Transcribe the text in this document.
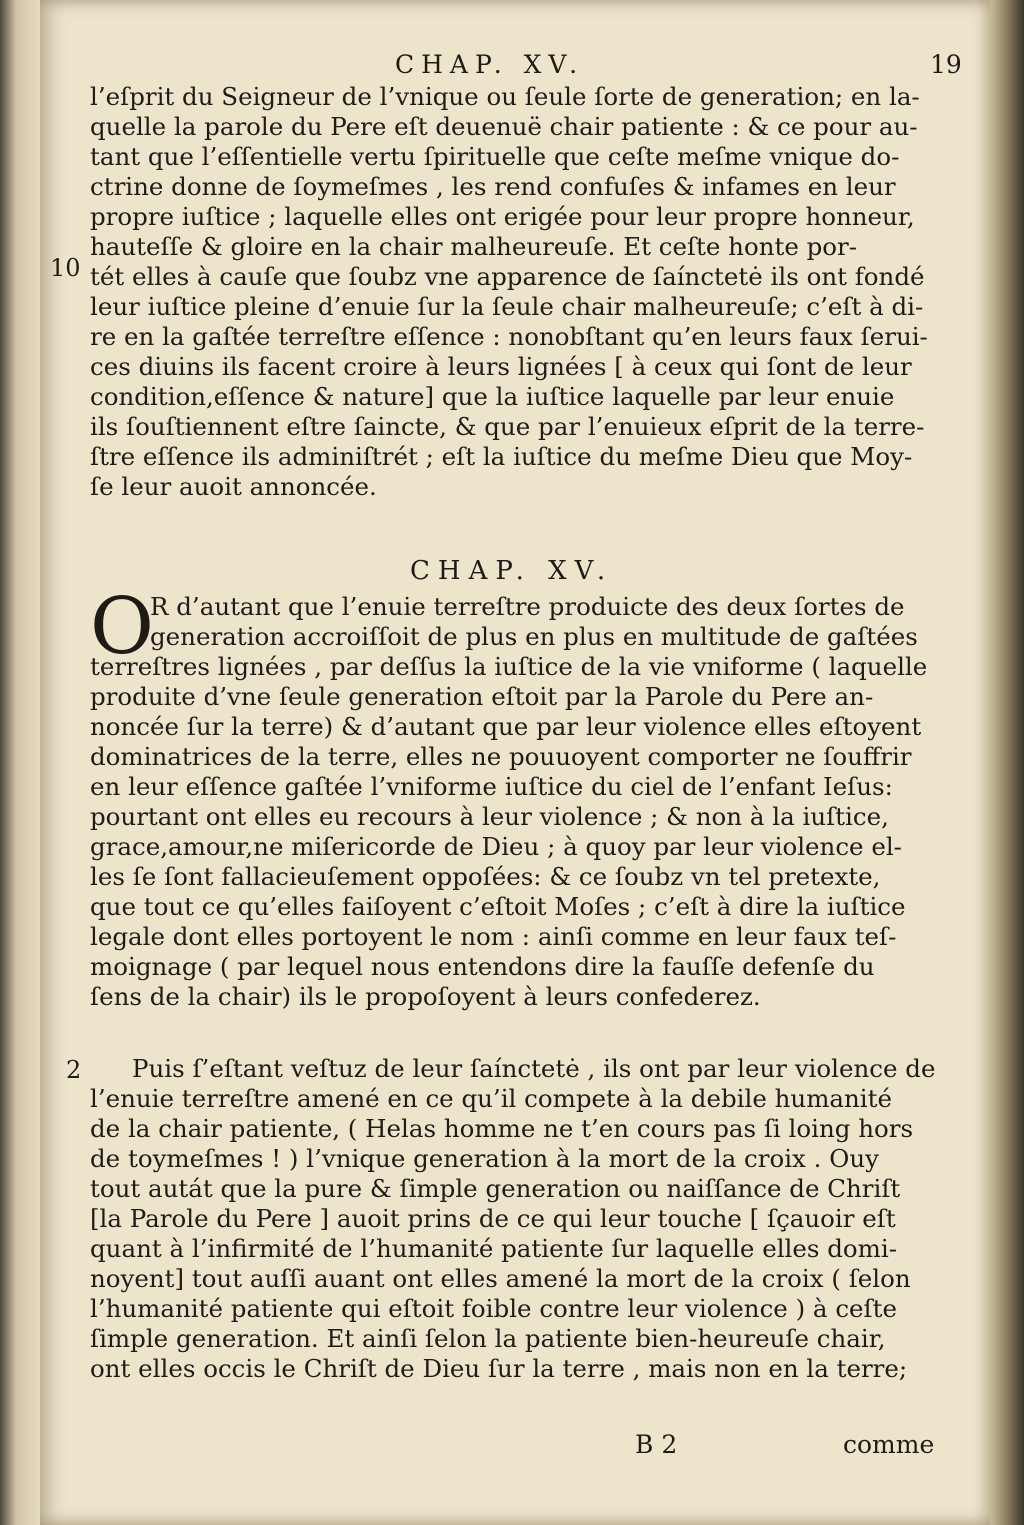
CHAP. XV.	19
l’eſprit du Seigneur de l’vnique ou ſeule ſorte de generation; en la-
quelle la parole du Pere eſt deuenuë chair patiente : & ce pour au-
tant que l’eſſentielle vertu ſpirituelle que ceſte meſme vnique do-
ctrine donne de ſoymeſmes , les rend confuſes & infames en leur
propre iuſtice ; laquelle elles ont erigée pour leur propre honneur,
hauteſſe & gloire en la chair malheureuſe. Et ceſte honte por-
tét elles à cauſe que ſoubz vne apparence de ſaínctetė ils ont fondé
leur iuſtice pleine d’enuie ſur la ſeule chair malheureuſe; c’eſt à di-
re en la gaſtée terreſtre eſſence : nonobſtant qu’en leurs faux ſerui-
ces diuins ils facent croire à leurs lignées [ à ceux qui ſont de leur
condition,eſſence & nature] que la iuſtice laquelle par leur enuie
ils ſouſtiennent eſtre ſaincte, & que par l’enuieux eſprit de la terre-
ſtre eſſence ils adminiſtrét ; eſt la iuſtice du meſme Dieu que Moy-
ſe leur auoit annoncée.
10
CHAP. XV.
O
R d’autant que l’enuie terreſtre produicte des deux ſortes de
generation accroiſſoit de plus en plus en multitude de gaſtées
terreſtres lignées , par deſſus la iuſtice de la vie vniforme ( laquelle
produite d’vne ſeule generation eſtoit par la Parole du Pere an-
noncée ſur la terre) & d’autant que par leur violence elles eſtoyent
dominatrices de la terre, elles ne pouuoyent comporter ne ſouffrir
en leur eſſence gaſtée l’vniforme iuſtice du ciel de l’enfant Ieſus:
pourtant ont elles eu recours à leur violence ; & non à la iuſtice,
grace,amour,ne miſericorde de Dieu ; à quoy par leur violence el-
les ſe ſont fallacieuſement oppoſées: & ce ſoubz vn tel pretexte,
que tout ce qu’elles faiſoyent c’eſtoit Moſes ; c’eſt à dire la iuſtice
legale dont elles portoyent le nom : ainſi comme en leur faux teſ-
moignage ( par lequel nous entendons dire la fauſſe defenſe du
ſens de la chair) ils le propoſoyent à leurs confederez.
2 Puis ſ’eſtant veſtuz de leur ſaínctetė , ils ont par leur violence de
l’enuie terreſtre amené en ce qu’il compete à la debile humanité
de la chair patiente, ( Helas homme ne t’en cours pas ſi loing hors
de toymeſmes ! ) l’vnique generation à la mort de la croix . Ouy
tout autát que la pure & ſimple generation ou naiſſance de Chriſt
[la Parole du Pere ] auoit prins de ce qui leur touche [ ſçauoir eſt
quant à l’infirmité de l’humanité patiente ſur laquelle elles domi-
noyent] tout auſſi auant ont elles amené la mort de la croix ( ſelon
l’humanité patiente qui eſtoit foible contre leur violence ) à ceſte
ſimple generation. Et ainſi ſelon la patiente bien-heureuſe chair,
ont elles occis le Chriſt de Dieu ſur la terre , mais non en la terre;
B 2	comme
